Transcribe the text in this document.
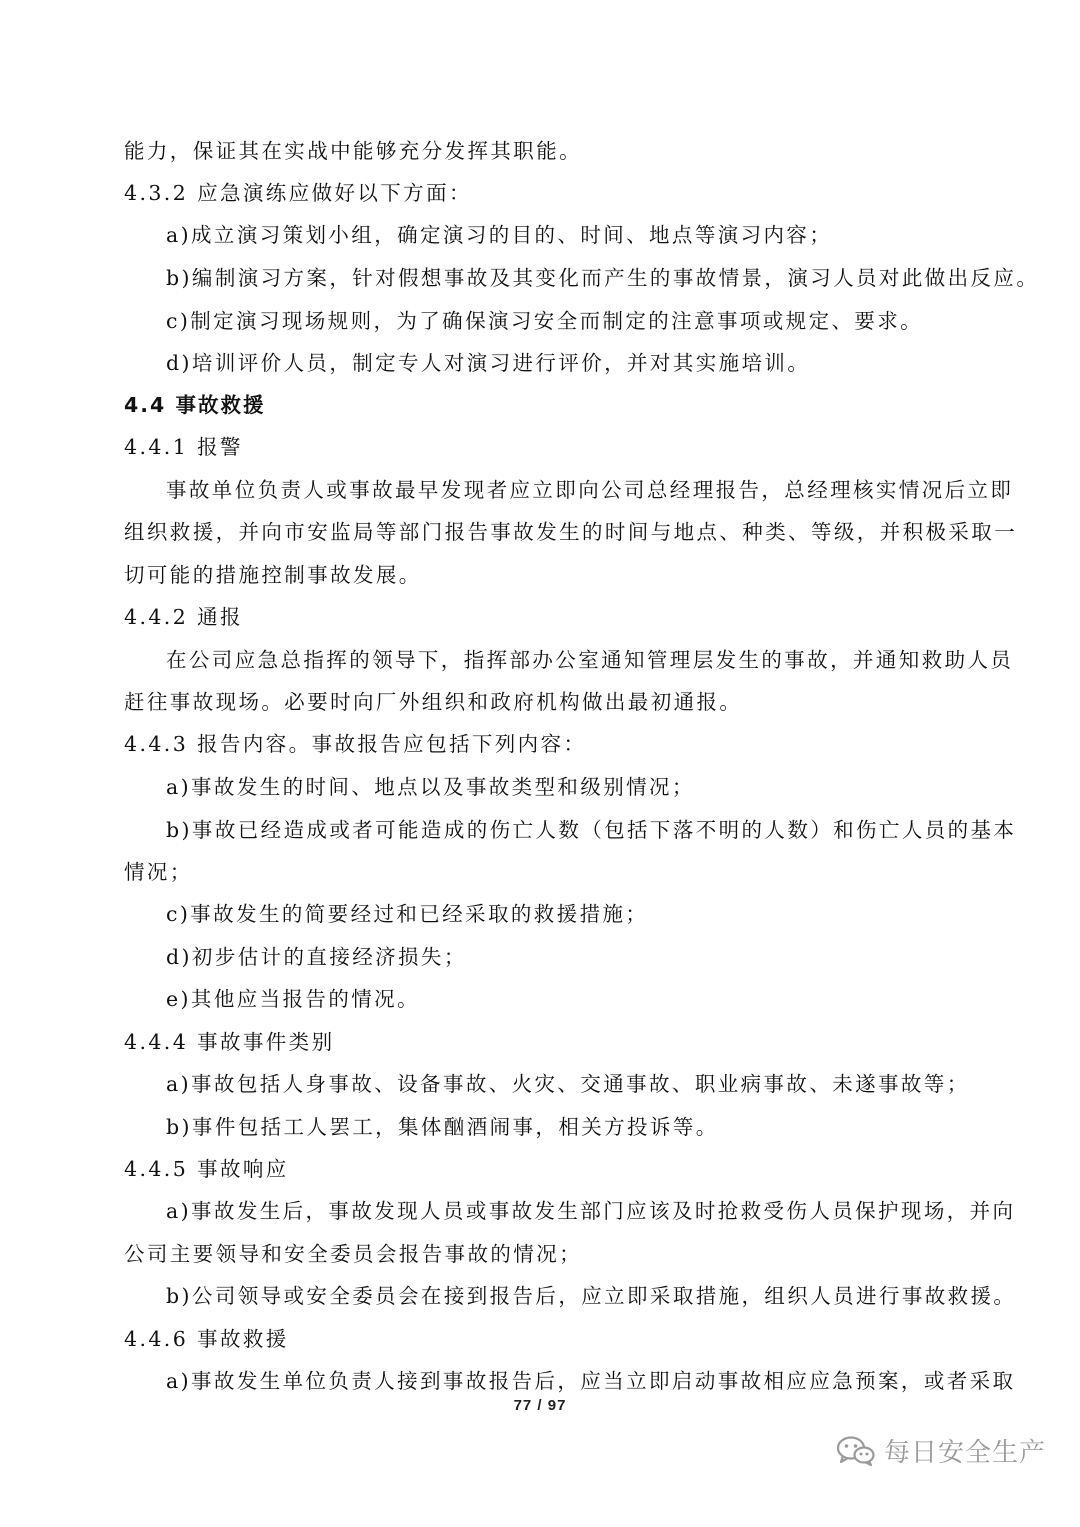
能力，保证其在实战中能够充分发挥其职能。
4.3.2 应急演练应做好以下方面：
a)成立演习策划小组，确定演习的目的、时间、地点等演习内容；
b)编制演习方案，针对假想事故及其变化而产生的事故情景，演习人员对此做出反应。
c)制定演习现场规则，为了确保演习安全而制定的注意事项或规定、要求。
d)培训评价人员，制定专人对演习进行评价，并对其实施培训。
4.4 事故救援
4.4.1 报警
事故单位负责人或事故最早发现者应立即向公司总经理报告，总经理核实情况后立即
组织救援，并向市安监局等部门报告事故发生的时间与地点、种类、等级，并积极采取一
切可能的措施控制事故发展。
4.4.2 通报
在公司应急总指挥的领导下，指挥部办公室通知管理层发生的事故，并通知救助人员
赶往事故现场。必要时向厂外组织和政府机构做出最初通报。
4.4.3 报告内容。事故报告应包括下列内容：
a)事故发生的时间、地点以及事故类型和级别情况；
b)事故已经造成或者可能造成的伤亡人数（包括下落不明的人数）和伤亡人员的基本
情况；
c)事故发生的简要经过和已经采取的救援措施；
d)初步估计的直接经济损失；
e)其他应当报告的情况。
4.4.4 事故事件类别
a)事故包括人身事故、设备事故、火灾、交通事故、职业病事故、未遂事故等；
b)事件包括工人罢工，集体酗酒闹事，相关方投诉等。
4.4.5 事故响应
a)事故发生后，事故发现人员或事故发生部门应该及时抢救受伤人员保护现场，并向
公司主要领导和安全委员会报告事故的情况；
b)公司领导或安全委员会在接到报告后，应立即采取措施，组织人员进行事故救援。
4.4.6 事故救援
a)事故发生单位负责人接到事故报告后，应当立即启动事故相应应急预案，或者采取
77 / 97
每日安全生产
